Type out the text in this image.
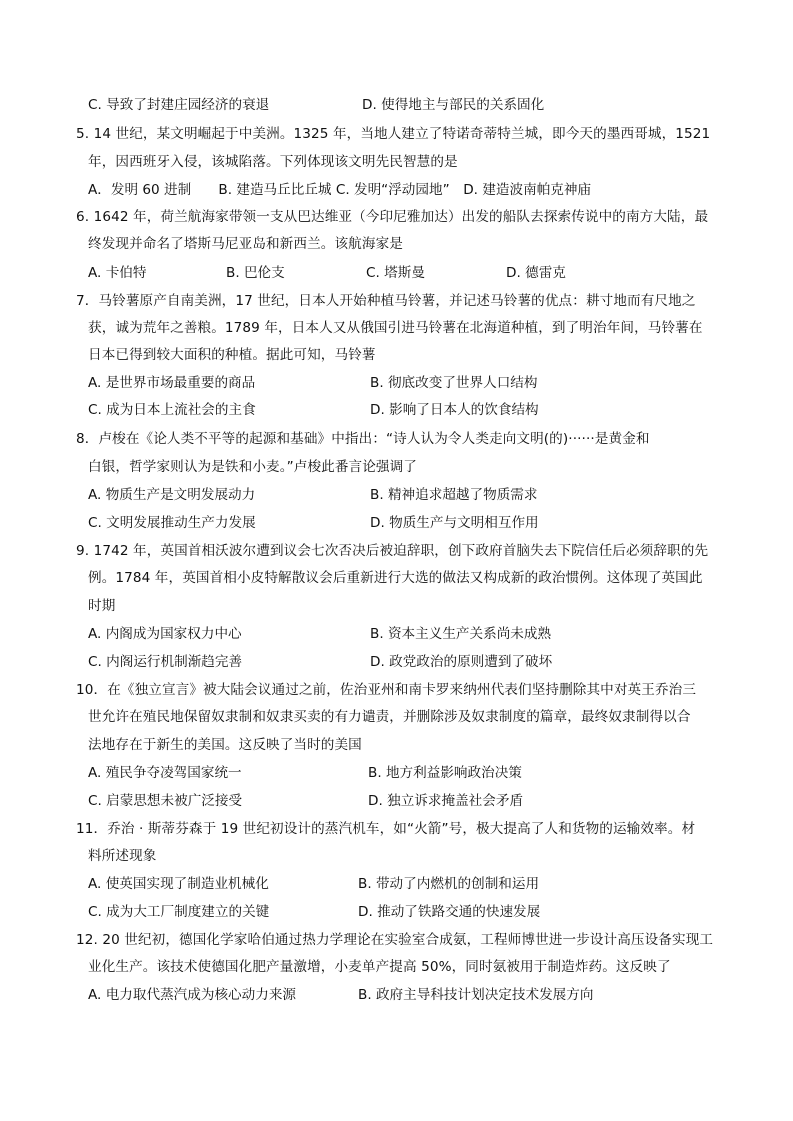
C. 导致了封建庄园经济的衰退	D. 使得地主与部民的关系固化
5. 14 世纪，某文明崛起于中美洲。1325 年，当地人建立了特诺奇蒂特兰城，即今天的墨西哥城，1521
年，因西班牙入侵，该城陷落。下列体现该文明先民智慧的是
A．发明 60 进制　　B. 建造马丘比丘城 C. 发明“浮动园地”　D. 建造波南帕克神庙
6. 1642 年，荷兰航海家带领一支从巴达维亚（今印尼雅加达）出发的船队去探索传说中的南方大陆，最
终发现并命名了塔斯马尼亚岛和新西兰。该航海家是
A. 卡伯特	B. 巴伦支	C. 塔斯曼	D. 德雷克
7．马铃薯原产自南美洲，17 世纪，日本人开始种植马铃薯，并记述马铃薯的优点：耕寸地而有尺地之
获，诚为荒年之善粮。1789 年，日本人又从俄国引进马铃薯在北海道种植，到了明治年间，马铃薯在
日本已得到较大面积的种植。据此可知，马铃薯
A. 是世界市场最重要的商品	B. 彻底改变了世界人口结构
C. 成为日本上流社会的主食	D. 影响了日本人的饮食结构
8．卢梭在《论人类不平等的起源和基础》中指出：“诗人认为令人类走向文明(的)······是黄金和
白银，哲学家则认为是铁和小麦。”卢梭此番言论强调了
A. 物质生产是文明发展动力	B. 精神追求超越了物质需求
C. 文明发展推动生产力发展	D. 物质生产与文明相互作用
9. 1742 年，英国首相沃波尔遭到议会七次否决后被迫辞职，创下政府首脑失去下院信任后必须辞职的先
例。1784 年，英国首相小皮特解散议会后重新进行大选的做法又构成新的政治惯例。这体现了英国此
时期
A. 内阁成为国家权力中心	B. 资本主义生产关系尚未成熟
C. 内阁运行机制渐趋完善	D. 政党政治的原则遭到了破坏
10．在《独立宣言》被大陆会议通过之前，佐治亚州和南卡罗来纳州代表们坚持删除其中对英王乔治三
世允许在殖民地保留奴隶制和奴隶买卖的有力谴责，并删除涉及奴隶制度的篇章，最终奴隶制得以合
法地存在于新生的美国。这反映了当时的美国
A. 殖民争夺凌驾国家统一	B. 地方利益影响政治决策
C. 启蒙思想未被广泛接受	D. 独立诉求掩盖社会矛盾
11．乔治 · 斯蒂芬森于 19 世纪初设计的蒸汽机车，如“火箭”号，极大提高了人和货物的运输效率。材
料所述现象
A. 使英国实现了制造业机械化	B. 带动了内燃机的创制和运用
C. 成为大工厂制度建立的关键	D. 推动了铁路交通的快速发展
12. 20 世纪初，德国化学家哈伯通过热力学理论在实验室合成氨，工程师博世进一步设计高压设备实现工
业化生产。该技术使德国化肥产量激增，小麦单产提高 50%，同时氨被用于制造炸药。这反映了
A. 电力取代蒸汽成为核心动力来源	B. 政府主导科技计划决定技术发展方向
